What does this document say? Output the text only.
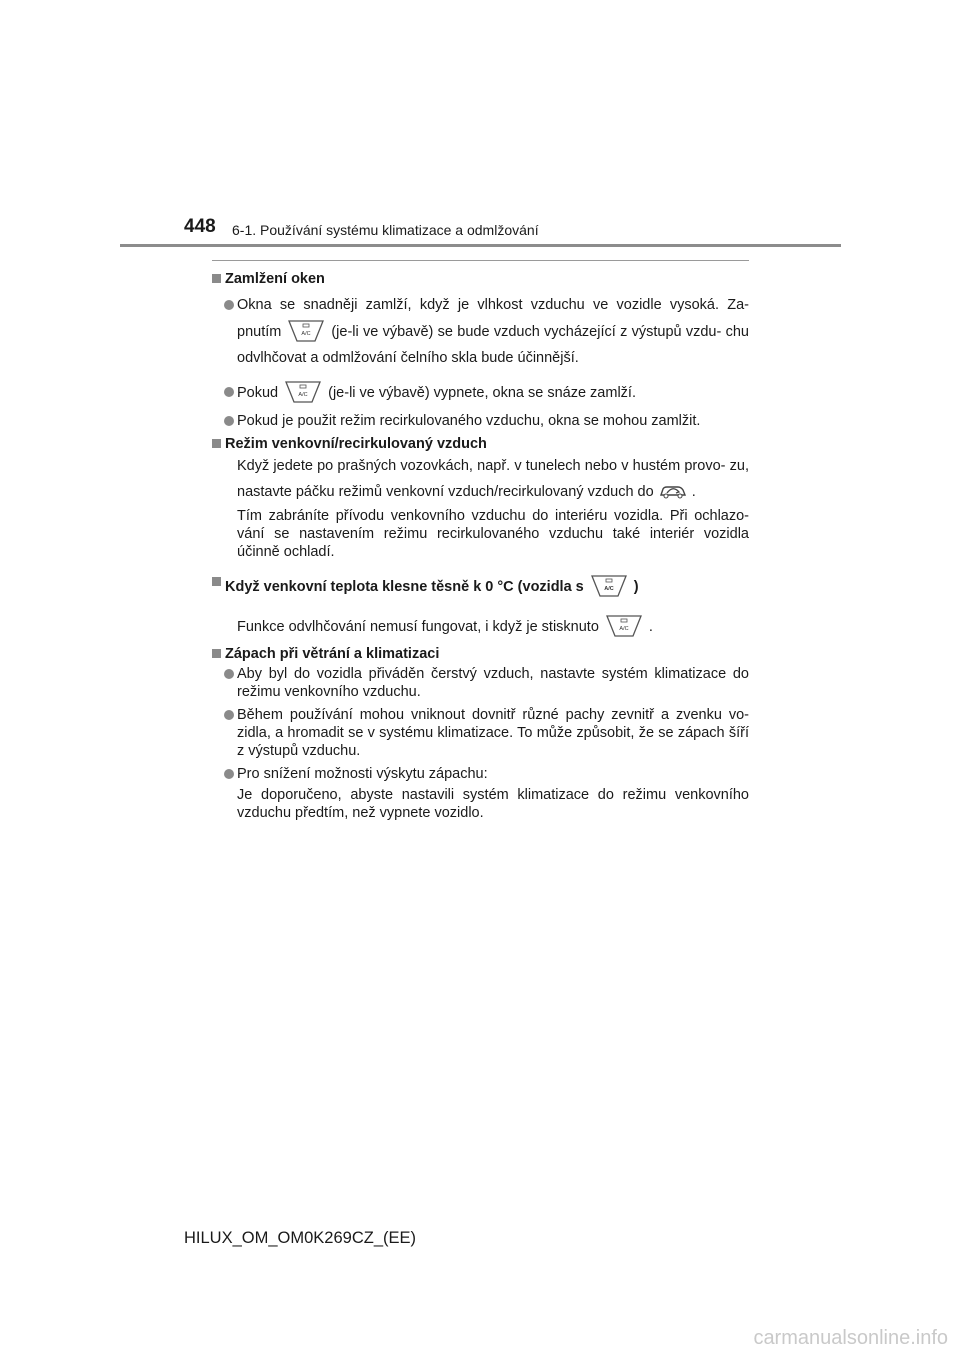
448 6-1. Používání systému klimatizace a odmlžování
Zamlžení oken
Okna se snadněji zamlží, když je vlhkost vzduchu ve vozidle vysoká. Za- pnutím	A/C (je-li ve výbavě) se bude vzduch vycházející z výstupů vzdu- chu odvlhčovat a odmlžování čelního skla bude účinnější.
Pokud	A/C (je-li ve výbavě) vypnete, okna se snáze zamlží.
Pokud je použit režim recirkulovaného vzduchu, okna se mohou zamlžit.
Režim venkovní/recirkulovaný vzduch
Když jedete po prašných vozovkách, např. v tunelech nebo v hustém provo- zu, nastavte páčku režimů venkovní vzduch/recirkulovaný vzduch do	.
Tím zabráníte přívodu venkovního vzduchu do interiéru vozidla. Při ochlazo- vání se nastavením režimu recirkulovaného vzduchu také interiér vozidla účinně ochladí.
Když venkovní teplota klesne těsně k 0 °C (vozidla s	A/C )
Funkce odvlhčování nemusí fungovat, i když je stisknuto	A/C .
Zápach při větrání a klimatizaci
Aby byl do vozidla přiváděn čerstvý vzduch, nastavte systém klimatizace do režimu venkovního vzduchu.
Během používání mohou vniknout dovnitř různé pachy zevnitř a zvenku vo- zidla, a hromadit se v systému klimatizace. To může způsobit, že se zápach šíří z výstupů vzduchu.
Pro snížení možnosti výskytu zápachu:
Je doporučeno, abyste nastavili systém klimatizace do režimu venkovního vzduchu předtím, než vypnete vozidlo.
HILUX_OM_OM0K269CZ_(EE)
carmanualsonline.info
